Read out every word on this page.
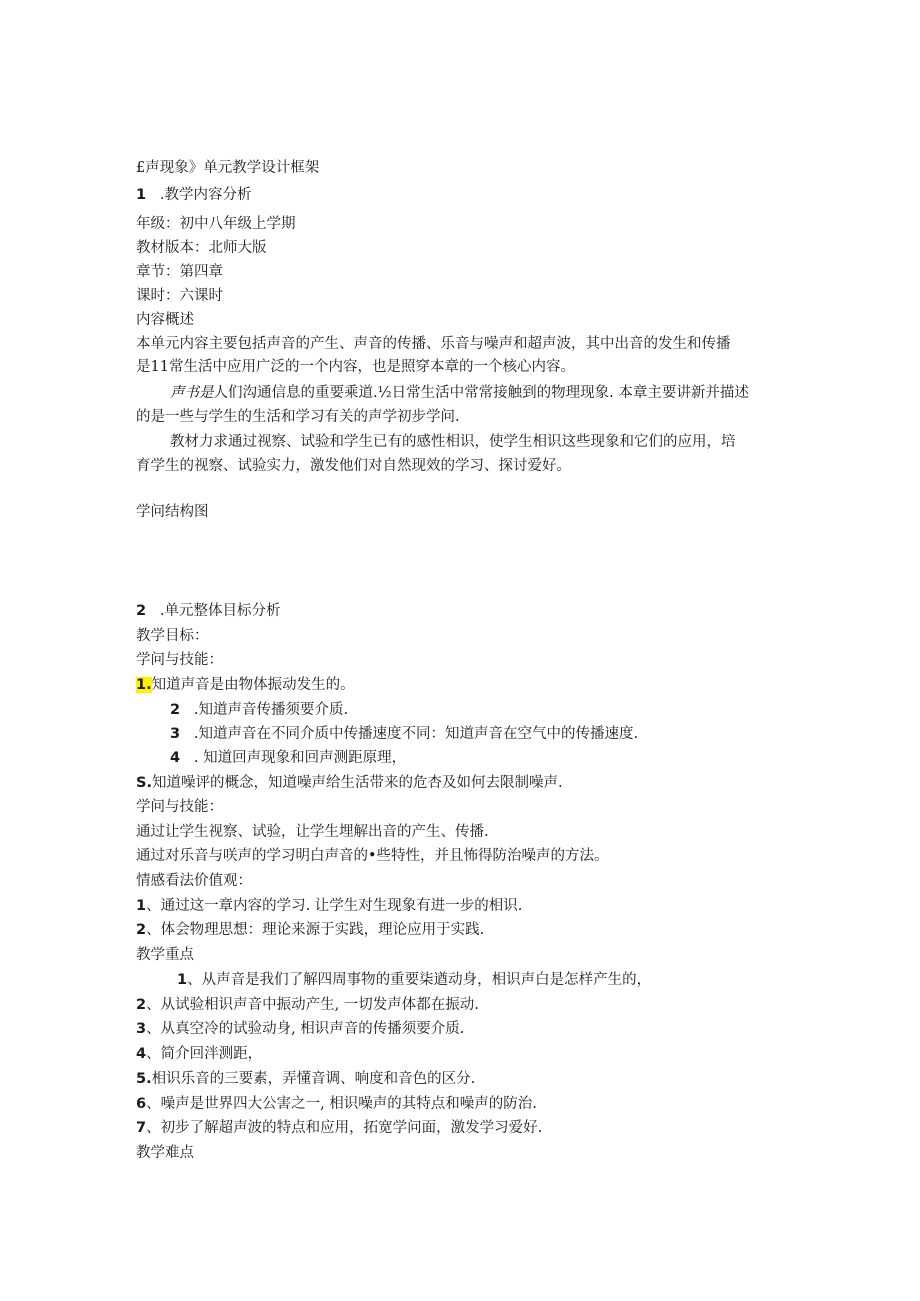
£声现象》单元教学设计框架

1 .教学内容分析

年级：初中八年级上学期

教材版本：北师大版

章节：第四章

课时：六课时

内容概述

本单元内容主要包括声音的产生、声音的传播、乐音与噪声和超声波，其中出音的发生和传播

是11常生活中应用广泛的一个内容，也是照穿本章的一个核心内容。

声书是人们沟通信息的重要乘道.½日常生活中常常接触到的物理现象. 本章主要讲新并描述

的是一些与学生的生活和学习有关的声学初步学问.

教材力求通过视察、试验和学生已有的感性相识，使学生相识这些现象和它们的应用，培

育学生的视察、试验实力，激发他们对自然现效的学习、探讨爱好。

学问结构图

2 .单元整体目标分析

教学目标：

学问与技能：

1.知道声音是由物体振动发生的。

2 .知道声音传播须要介质.

3 .知道声音在不同介质中传播速度不同：知道声音在空气中的传播速度.

4 . 知道回声现象和回声测距原理，

S.知道噪评的概念，知道噪声给生活带来的危杏及如何去限制噪声.

学问与技能：

通过让学生视察、试验，让学生埋解出音的产生、传播.

通过对乐音与咲声的学习明白声音的•些特性，并且怖得防治噪声的方法。

情感看法价值观：

1、通过这一章内容的学习. 让学生对生现象有进一步的相识.

2、体会物理思想：理论来源于实践，理论应用于实践.

教学重点

1、从声音是我们了解四周事物的重要柒遒动身，相识声白是怎样产生的，

2、从试验相识声音中振动产生, 一切发声体都在振动.

3、从真空冷的试验动身, 相识声音的传播须要介质.

4、简介回泮测距，

5.相识乐音的三要素，弄懂音调、响度和音色的区分.

6、噪声是世界四大公害之一, 相识噪声的其特点和噪声的防治.

7、初步了解超声波的特点和应用，拓宽学问面，激发学习爱好.

教学难点
